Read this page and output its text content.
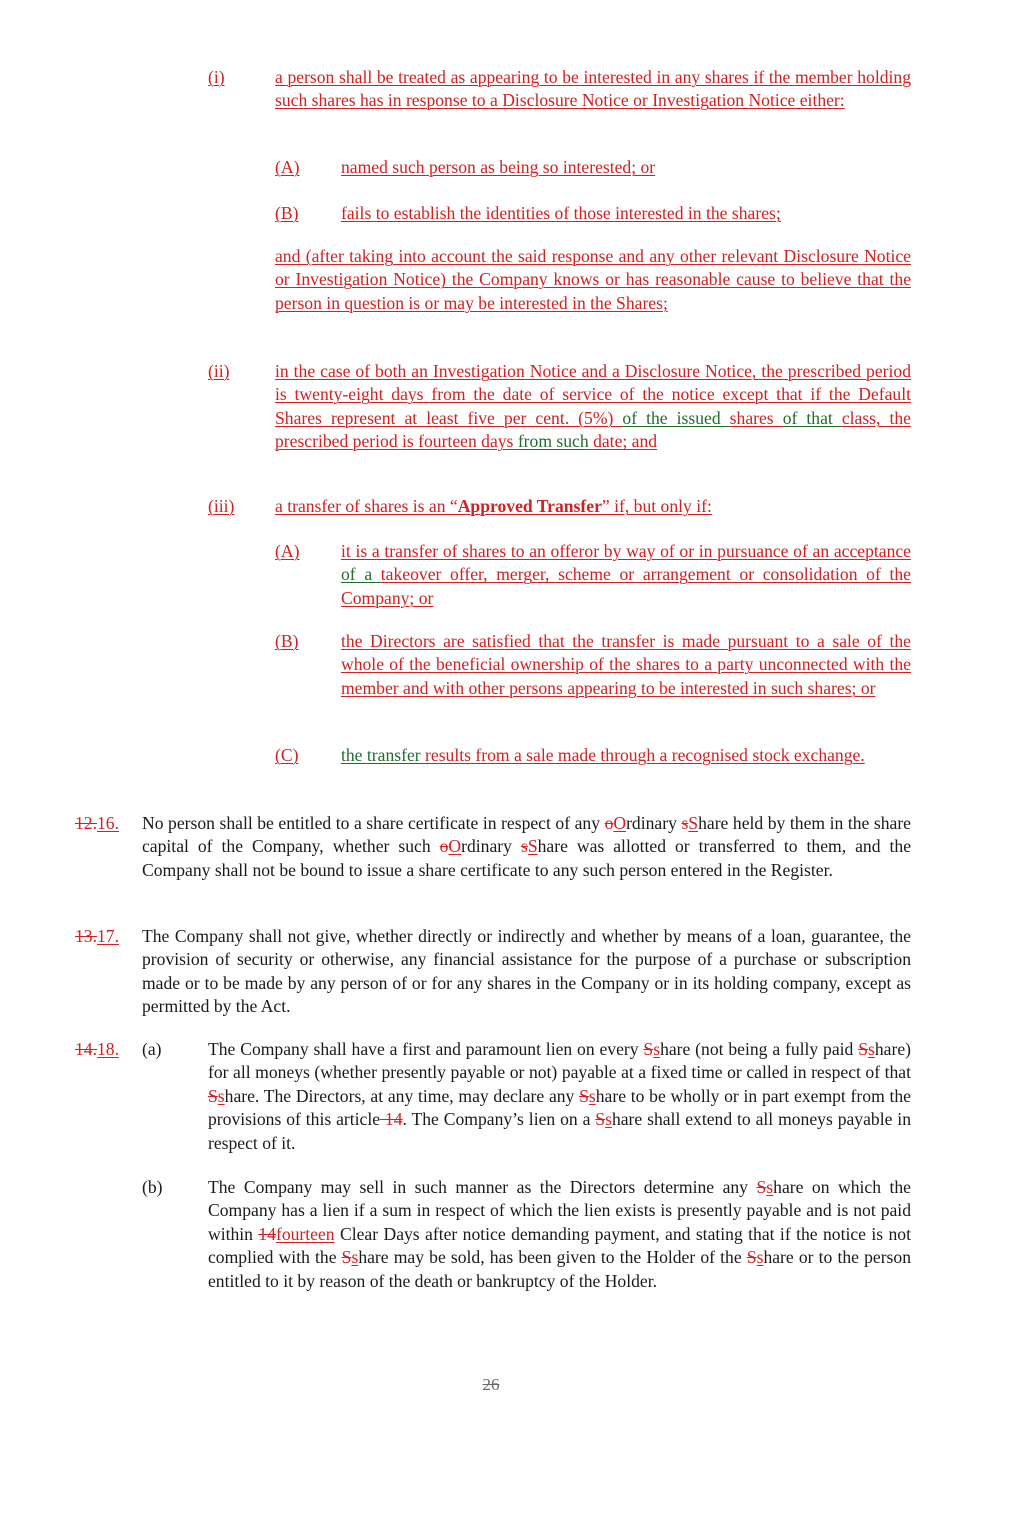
(i)	a person shall be treated as appearing to be interested in any shares if the member holding such shares has in response to a Disclosure Notice or Investigation Notice either:
(A) named such person as being so interested; or
(B) fails to establish the identities of those interested in the shares;
and (after taking into account the said response and any other relevant Disclosure Notice or Investigation Notice) the Company knows or has reasonable cause to believe that the person in question is or may be interested in the Shares;
(ii)	in the case of both an Investigation Notice and a Disclosure Notice, the prescribed period is twenty-eight days from the date of service of the notice except that if the Default Shares represent at least five per cent. (5%) of the issued shares of that class, the prescribed period is fourteen days from such date; and
(iii) a transfer of shares is an “Approved Transfer” if, but only if:
(A) it is a transfer of shares to an offeror by way of or in pursuance of an acceptance of a takeover offer, merger, scheme or arrangement or consolidation of the Company; or
(B) the Directors are satisfied that the transfer is made pursuant to a sale of the whole of the beneficial ownership of the shares to a party unconnected with the member and with other persons appearing to be interested in such shares; or
(C) the transfer results from a sale made through a recognised stock exchange.
12.16. No person shall be entitled to a share certificate in respect of any oOrdinary sShare held by them in the share capital of the Company, whether such oOrdinary sShare was allotted or transferred to them, and the Company shall not be bound to issue a share certificate to any such person entered in the Register.
13.17. The Company shall not give, whether directly or indirectly and whether by means of a loan, guarantee, the provision of security or otherwise, any financial assistance for the purpose of a purchase or subscription made or to be made by any person of or for any shares in the Company or in its holding company, except as permitted by the Act.
14.18. (a)	The Company shall have a first and paramount lien on every Sshare (not being a fully paid Sshare) for all moneys (whether presently payable or not) payable at a fixed time or called in respect of that Sshare. The Directors, at any time, may declare any Sshare to be wholly or in part exempt from the provisions of this article 14. The Company’s lien on a Sshare shall extend to all moneys payable in respect of it.
(b)	The Company may sell in such manner as the Directors determine any Sshare on which the Company has a lien if a sum in respect of which the lien exists is presently payable and is not paid within 14fourteen Clear Days after notice demanding payment, and stating that if the notice is not complied with the Sshare may be sold, has been given to the Holder of the Sshare or to the person entitled to it by reason of the death or bankruptcy of the Holder.
26
